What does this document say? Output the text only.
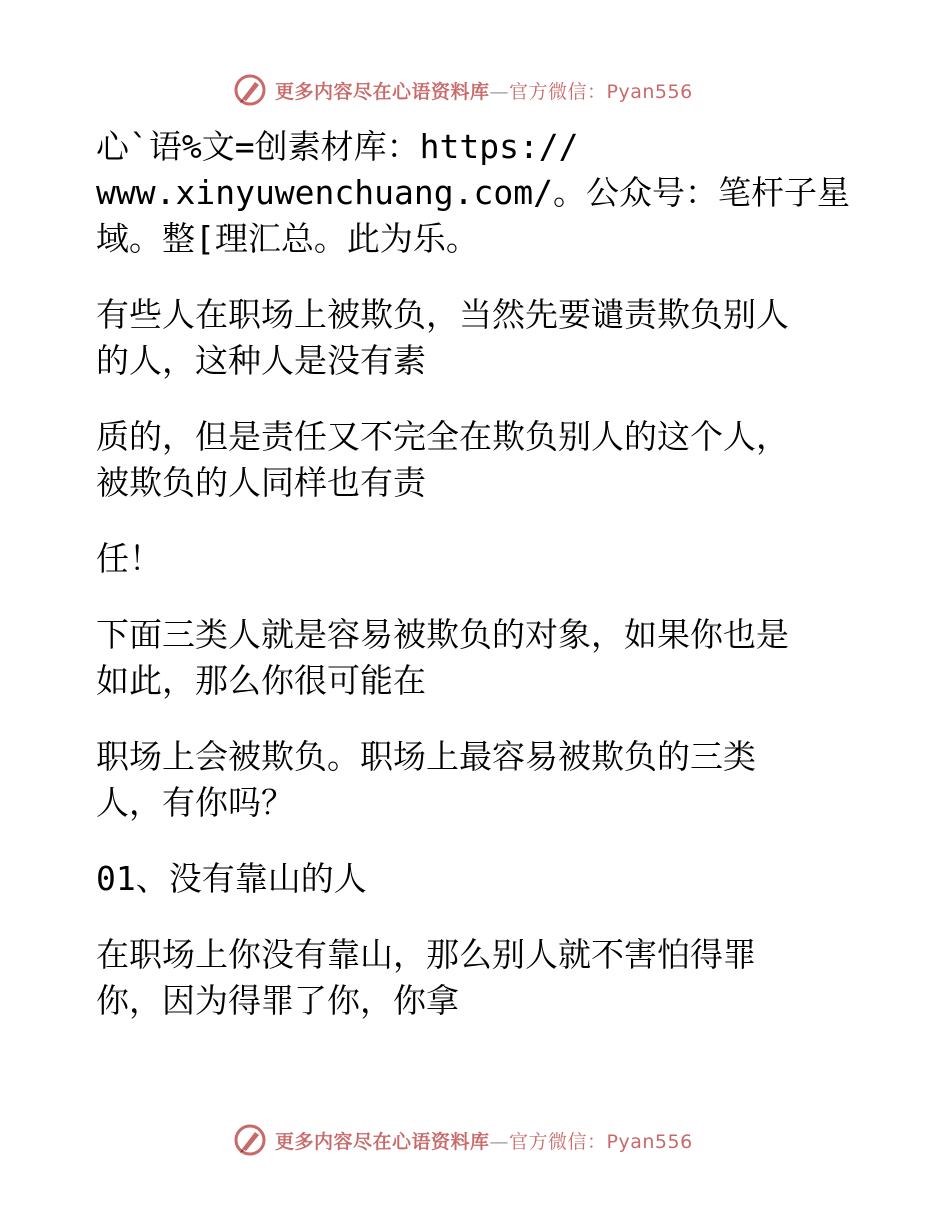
更多内容尽在心语资料库—官方微信：Pyan556
心`语%文=创素材库：https://
www.xinyuwenchuang.com/。公众号：笔杆子星
域。整[理汇总。此为乐。
有些人在职场上被欺负，当然先要谴责欺负别人
的人，这种人是没有素
质的，但是责任又不完全在欺负别人的这个人，
被欺负的人同样也有责
任！
下面三类人就是容易被欺负的对象，如果你也是
如此，那么你很可能在
职场上会被欺负。职场上最容易被欺负的三类
人，有你吗？
01、没有靠山的人
在职场上你没有靠山，那么别人就不害怕得罪
你，因为得罪了你，你拿
更多内容尽在心语资料库—官方微信：Pyan556
